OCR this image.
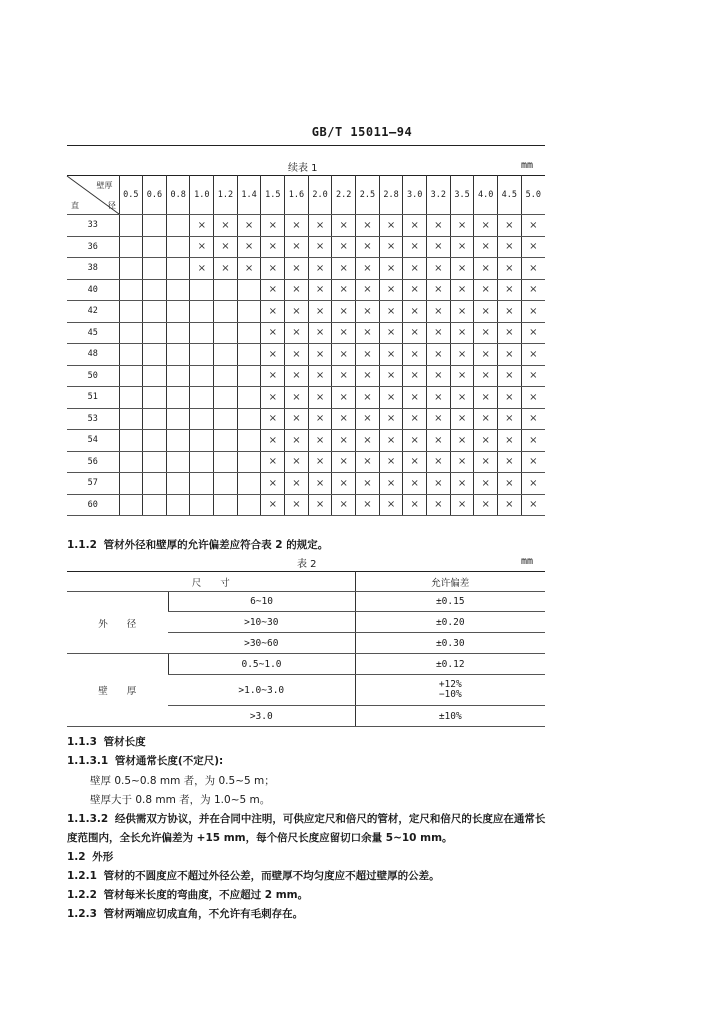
GB/T 15011—94
续表 1	mm
壁厚
直 径	0.5	0.6	0.8	1.0	1.2	1.4	1.5	1.6	2.0	2.2	2.5	2.8	3.0	3.2	3.5	4.0	4.5	5.0
33				×	×	×	×	×	×	×	×	×	×	×	×	×	×	×
36				×	×	×	×	×	×	×	×	×	×	×	×	×	×	×
38				×	×	×	×	×	×	×	×	×	×	×	×	×	×	×
40							×	×	×	×	×	×	×	×	×	×	×	×
42							×	×	×	×	×	×	×	×	×	×	×	×
45							×	×	×	×	×	×	×	×	×	×	×	×
48							×	×	×	×	×	×	×	×	×	×	×	×
50							×	×	×	×	×	×	×	×	×	×	×	×
51							×	×	×	×	×	×	×	×	×	×	×	×
53							×	×	×	×	×	×	×	×	×	×	×	×
54							×	×	×	×	×	×	×	×	×	×	×	×
56							×	×	×	×	×	×	×	×	×	×	×	×
57							×	×	×	×	×	×	×	×	×	×	×	×
60							×	×	×	×	×	×	×	×	×	×	×	×
1.1.2 管材外径和壁厚的允许偏差应符合表 2 的规定。
表 2	mm
尺　　寸		允许偏差
外　　径	6~10	±0.15
	>10~30	±0.20
	>30~60	±0.30
壁　　厚	0.5~1.0	±0.12
	>1.0~3.0	+12%
−10%
	>3.0	±10%
1.1.3 管材长度
1.1.3.1 管材通常长度(不定尺):
壁厚 0.5~0.8 mm 者，为 0.5~5 m；
壁厚大于 0.8 mm 者，为 1.0~5 m。
1.1.3.2 经供需双方协议，并在合同中注明，可供应定尺和倍尺的管材，定尺和倍尺的长度应在通常长
度范围内，全长允许偏差为 +15 mm，每个倍尺长度应留切口余量 5~10 mm。
1.2 外形
1.2.1 管材的不圆度应不超过外径公差，而壁厚不均匀度应不超过壁厚的公差。
1.2.2 管材每米长度的弯曲度，不应超过 2 mm。
1.2.3 管材两端应切成直角，不允许有毛刺存在。
